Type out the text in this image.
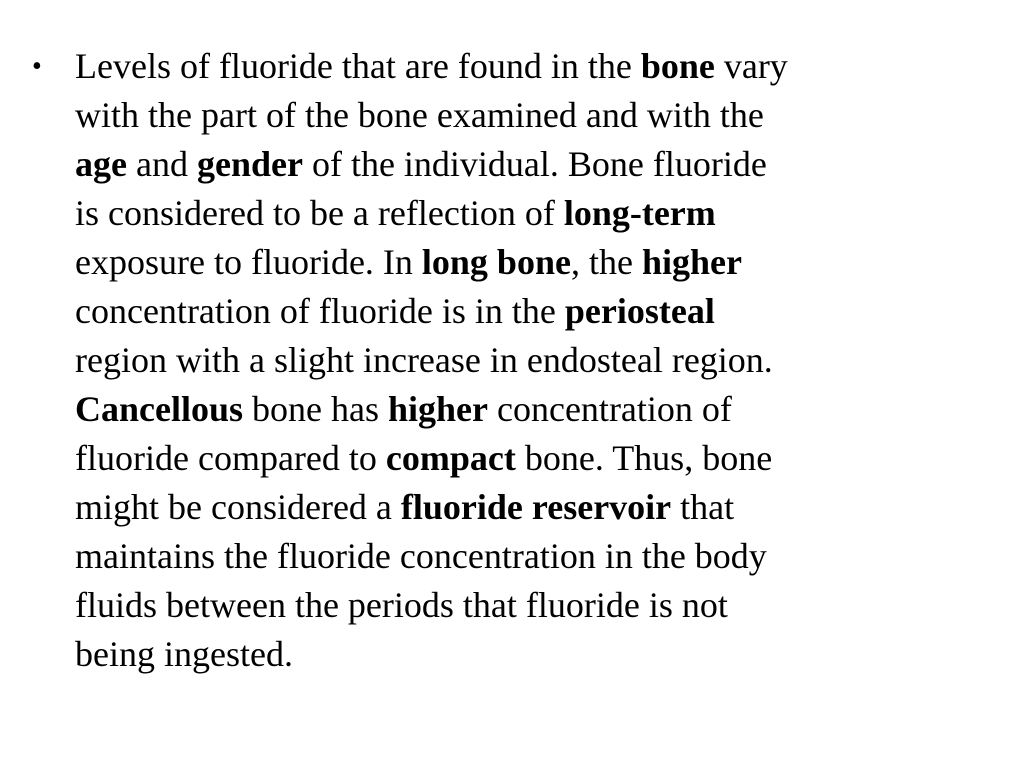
• Levels of fluoride that are found in the bone vary
with the part of the bone examined and with the
age and gender of the individual. Bone fluoride
is considered to be a reflection of long-term
exposure to fluoride. In long bone, the higher
concentration of fluoride is in the periosteal
region with a slight increase in endosteal region.
Cancellous bone has higher concentration of
fluoride compared to compact bone. Thus, bone
might be considered a fluoride reservoir that
maintains the fluoride concentration in the body
fluids between the periods that fluoride is not
being ingested.
